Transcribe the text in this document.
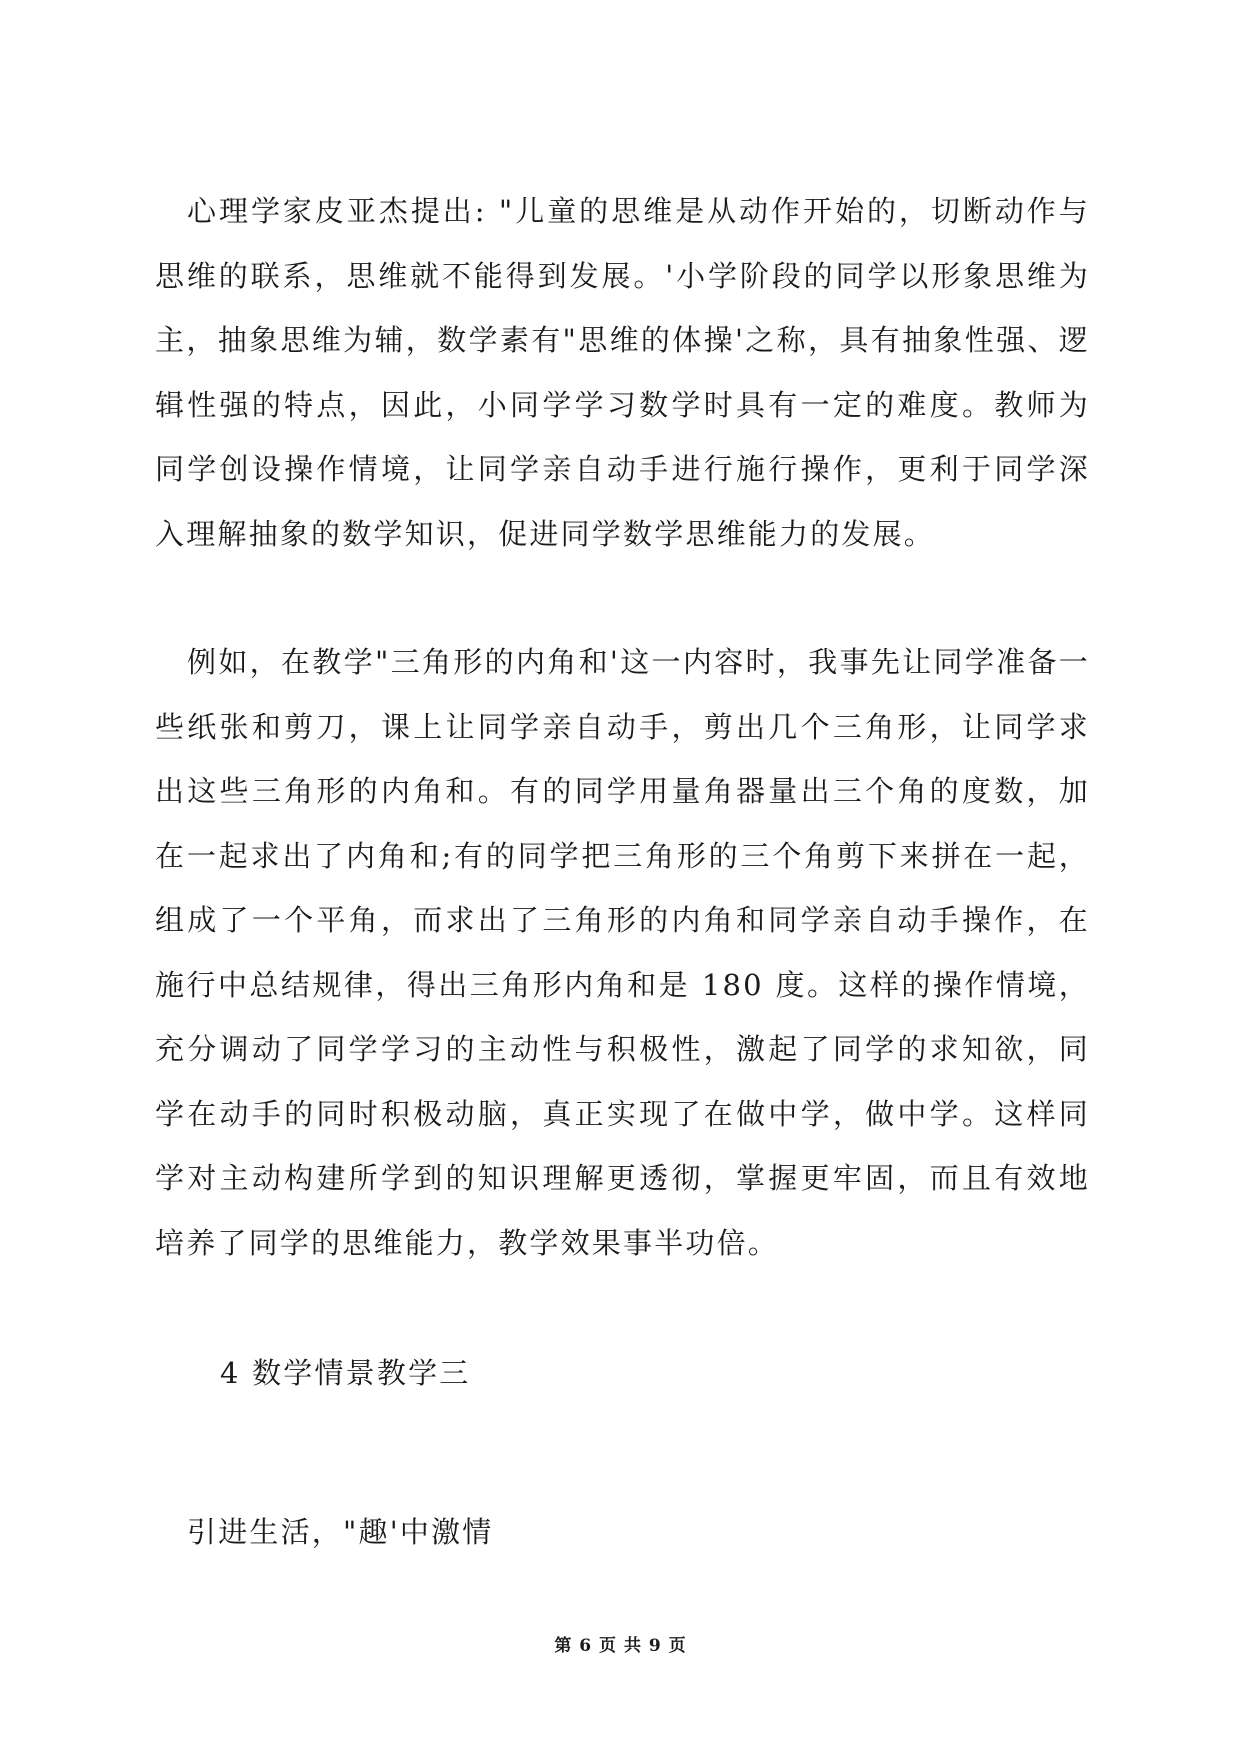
心理学家皮亚杰提出: "儿童的思维是从动作开始的，切断动作与思维的联系，思维就不能得到发展。'小学阶段的同学以形象思维为主，抽象思维为辅，数学素有"思维的体操'之称，具有抽象性强、逻辑性强的特点，因此，小同学学习数学时具有一定的难度。教师为同学创设操作情境，让同学亲自动手进行施行操作，更利于同学深入理解抽象的数学知识，促进同学数学思维能力的发展。

例如，在教学"三角形的内角和'这一内容时，我事先让同学准备一些纸张和剪刀，课上让同学亲自动手，剪出几个三角形，让同学求出这些三角形的内角和。有的同学用量角器量出三个角的度数，加在一起求出了内角和;有的同学把三角形的三个角剪下来拼在一起，组成了一个平角，而求出了三角形的内角和同学亲自动手操作，在施行中总结规律，得出三角形内角和是 180 度。这样的操作情境，充分调动了同学学习的主动性与积极性，激起了同学的求知欲，同学在动手的同时积极动脑，真正实现了在做中学，做中学。这样同学对主动构建所学到的知识理解更透彻，掌握更牢固，而且有效地培养了同学的思维能力，教学效果事半功倍。

4 数学情景教学三

引进生活，"趣'中激情

第 6 页 共 9 页
